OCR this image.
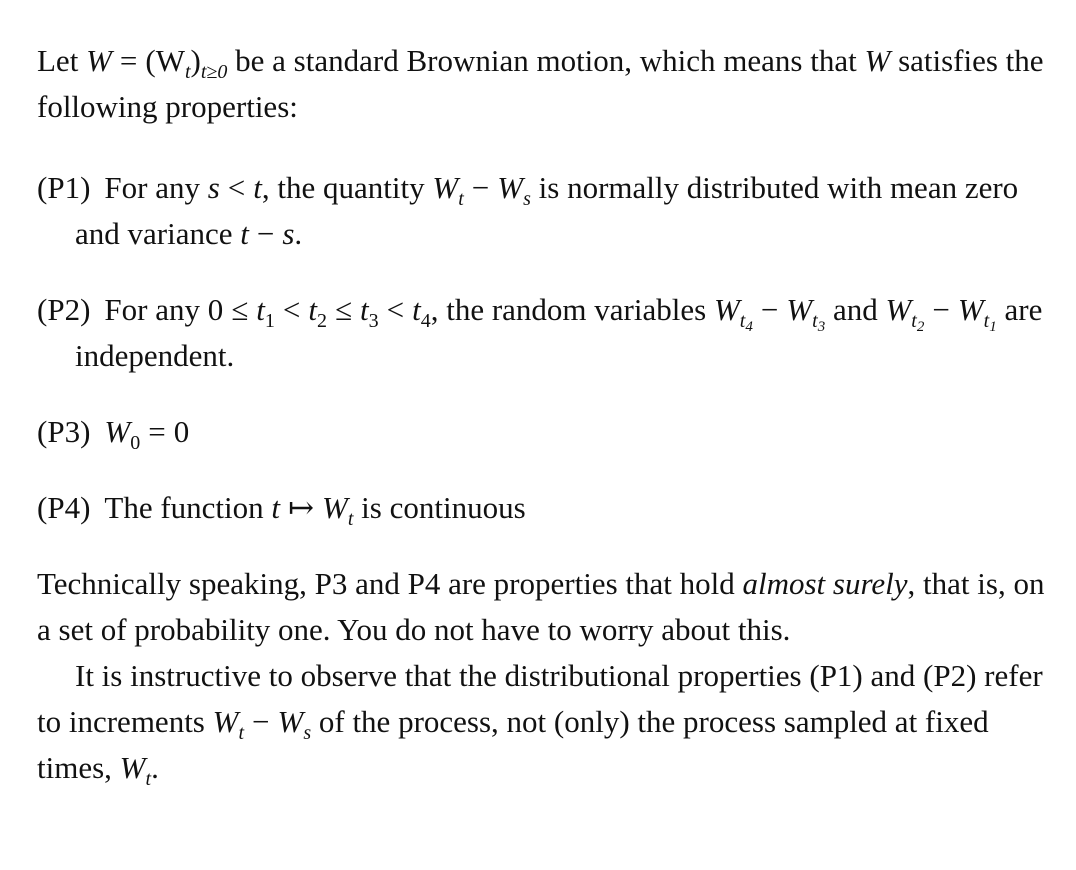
Let $W = (W_t)_{t\ge 0}$ be a standard Brownian motion, which means that W satisfies the following properties:

(P1) For any s < t, the quantity $W_t - W_s$ is normally distributed with mean zero and variance t − s.

(P2) For any $0 \le t_1 < t_2 \le t_3 < t_4$, the random variables $W_{t_4} - W_{t_3}$ and $W_{t_2} - W_{t_1}$ are independent.

(P3) $W_0 = 0$

(P4) The function t ↦ $W_t$ is continuous

Technically speaking, P3 and P4 are properties that hold almost surely, that is, on a set of probability one. You do not have to worry about this.

It is instructive to observe that the distributional properties (P1) and (P2) refer to increments $W_t - W_s$ of the process, not (only) the process sampled at fixed times, $W_t$.
